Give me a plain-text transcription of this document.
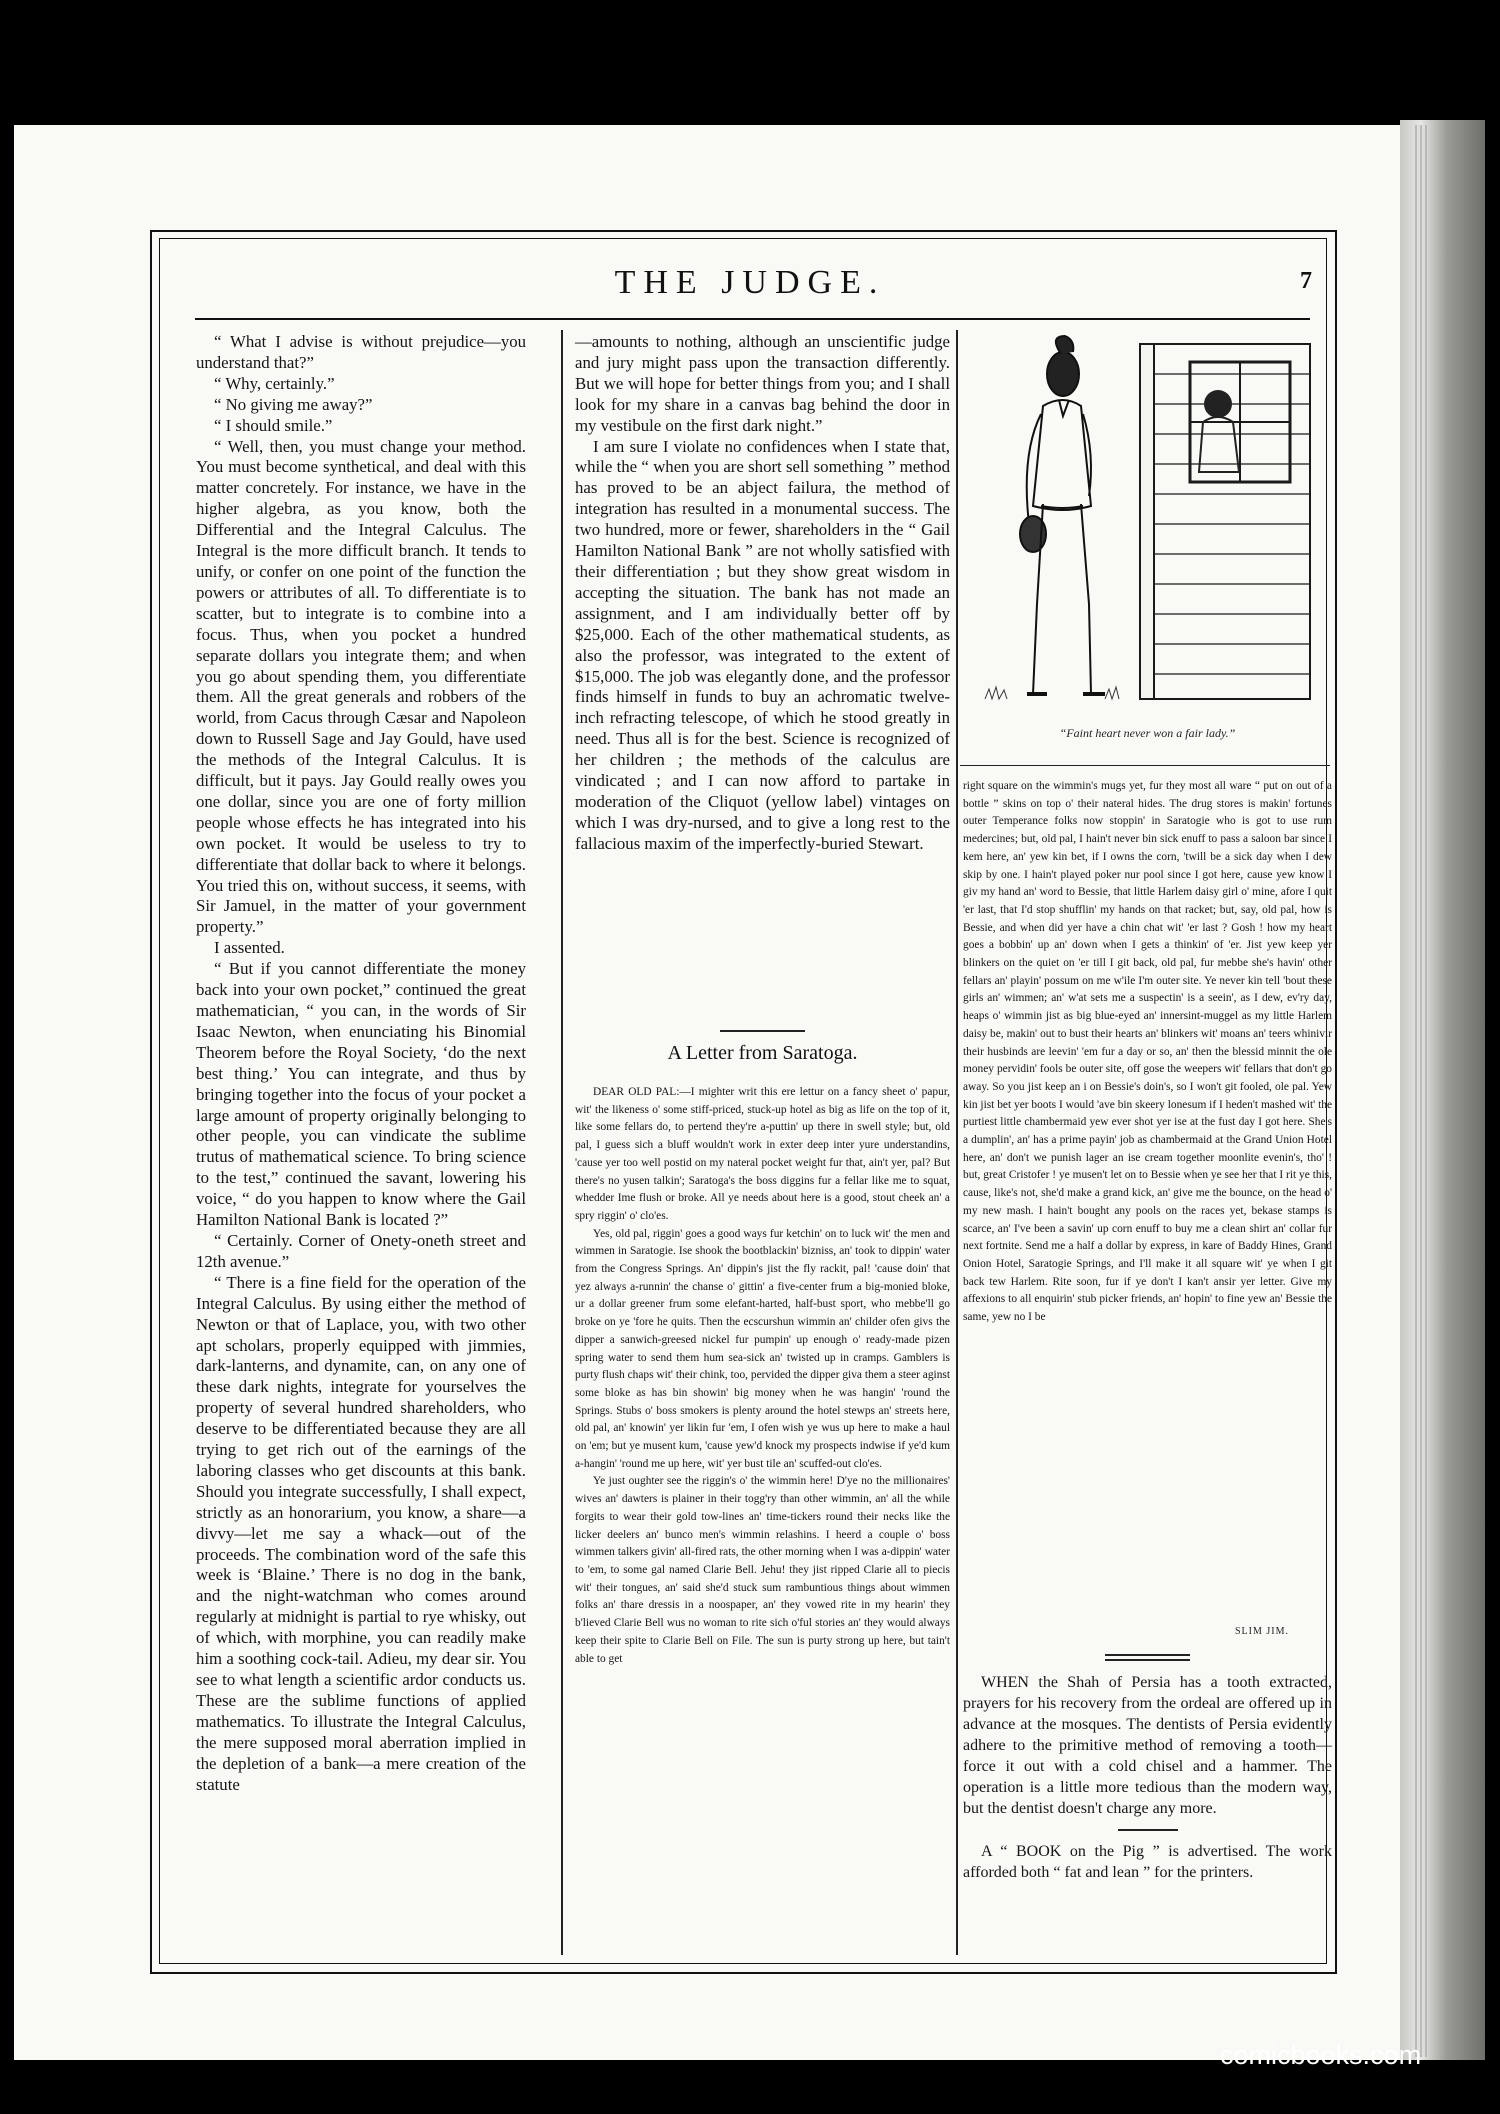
THE JUDGE.	7

“ What I advise is without prejudice—you understand that?”

“ Why, certainly.”

“ No giving me away?”

“ I should smile.”

“ Well, then, you must change your method. You must become synthetical, and deal with this matter concretely. For instance, we have in the higher algebra, as you know, both the Differential and the Integral Calculus. The Integral is the more difficult branch. It tends to unify, or confer on one point of the function the powers or attributes of all. To differentiate is to scatter, but to integrate is to combine into a focus. Thus, when you pocket a hundred separate dollars you integrate them; and when you go about spending them, you differentiate them. All the great generals and robbers of the world, from Cacus through Cæsar and Napoleon down to Russell Sage and Jay Gould, have used the methods of the Integral Calculus. It is difficult, but it pays. Jay Gould really owes you one dollar, since you are one of forty million people whose effects he has integrated into his own pocket. It would be useless to try to differentiate that dollar back to where it belongs. You tried this on, without success, it seems, with Sir Jamuel, in the matter of your government property.”

I assented.

“ But if you cannot differentiate the money back into your own pocket,” continued the great mathematician, “ you can, in the words of Sir Isaac Newton, when enunciating his Binomial Theorem before the Royal Society, ‘do the next best thing.’ You can integrate, and thus by bringing together into the focus of your pocket a large amount of property originally belonging to other people, you can vindicate the sublime trutus of mathematical science. To bring science to the test,” continued the savant, lowering his voice, “ do you happen to know where the Gail Hamilton National Bank is located ?”

“ Certainly. Corner of Onety-oneth street and 12th avenue.”

“ There is a fine field for the operation of the Integral Calculus. By using either the method of Newton or that of Laplace, you, with two other apt scholars, properly equipped with jimmies, dark-lanterns, and dynamite, can, on any one of these dark nights, integrate for yourselves the property of several hundred shareholders, who deserve to be differentiated because they are all trying to get rich out of the earnings of the laboring classes who get discounts at this bank. Should you integrate successfully, I shall expect, strictly as an honorarium, you know, a share—a divvy—let me say a whack—out of the proceeds. The combination word of the safe this week is ‘Blaine.’ There is no dog in the bank, and the night-watchman who comes around regularly at midnight is partial to rye whisky, out of which, with morphine, you can readily make him a soothing cock-tail. Adieu, my dear sir. You see to what length a scientific ardor conducts us. These are the sublime functions of applied mathematics. To illustrate the Integral Calculus, the mere supposed moral aberration implied in the depletion of a bank—a mere creation of the statute

—amounts to nothing, although an unscientific judge and jury might pass upon the transaction differently. But we will hope for better things from you; and I shall look for my share in a canvas bag behind the door in my vestibule on the first dark night.”

I am sure I violate no confidences when I state that, while the “ when you are short sell something ” method has proved to be an abject failura, the method of integration has resulted in a monumental success. The two hundred, more or fewer, shareholders in the “ Gail Hamilton National Bank ” are not wholly satisfied with their differentiation ; but they show great wisdom in accepting the situation. The bank has not made an assignment, and I am individually better off by $25,000. Each of the other mathematical students, as also the professor, was integrated to the extent of $15,000. The job was elegantly done, and the professor finds himself in funds to buy an achromatic twelve-inch refracting telescope, of which he stood greatly in need. Thus all is for the best. Science is recognized of her children ; the methods of the calculus are vindicated ; and I can now afford to partake in moderation of the Cliquot (yellow label) vintages on which I was dry-nursed, and to give a long rest to the fallacious maxim of the imperfectly-buried Stewart.

A Letter from Saratoga.

DEAR OLD PAL:—I mighter writ this ere lettur on a fancy sheet o' papur, wit' the likeness o' some stiff-priced, stuck-up hotel as big as life on the top of it, like some fellars do, to pertend they're a-puttin' up there in swell style; but, old pal, I guess sich a bluff wouldn't work in exter deep inter yure understandins, 'cause yer too well postid on my nateral pocket weight fur that, ain't yer, pal? But there's no yusen talkin'; Saratoga's the boss diggins fur a fellar like me to squat, whedder Ime flush or broke. All ye needs about here is a good, stout cheek an' a spry riggin' o' clo'es.

Yes, old pal, riggin' goes a good ways fur ketchin' on to luck wit' the men and wimmen in Saratogie. Ise shook the bootblackin' bizniss, an' took to dippin' water from the Congress Springs. An' dippin's jist the fly rackit, pal! 'cause doin' that yez always a-runnin' the chanse o' gittin' a five-center frum a big-monied bloke, ur a dollar greener frum some elefant-harted, half-bust sport, who mebbe'll go broke on ye 'fore he quits. Then the ecscurshun wimmin an' childer ofen givs the dipper a sanwich-greesed nickel fur pumpin' up enough o' ready-made pizen spring water to send them hum sea-sick an' twisted up in cramps. Gamblers is purty flush chaps wit' their chink, too, pervided the dipper giva them a steer aginst some bloke as has bin showin' big money when he was hangin' 'round the Springs. Stubs o' boss smokers is plenty around the hotel stewps an' streets here, old pal, an' knowin' yer likin fur 'em, I ofen wish ye wus up here to make a haul on 'em; but ye musent kum, 'cause yew'd knock my prospects indwise if ye'd kum a-hangin' 'round me up here, wit' yer bust tile an' scuffed-out clo'es.

Ye just oughter see the riggin's o' the wimmin here! D'ye no the millionaires' wives an' dawters is plainer in their togg'ry than other wimmin, an' all the while forgits to wear their gold tow-lines an' time-tickers round their necks like the licker deelers an' bunco men's wimmin relashins. I heerd a couple o' boss wimmen talkers givin' all-fired rats, the other morning when I was a-dippin' water to 'em, to some gal named Clarie Bell. Jehu! they jist ripped Clarie all to piecis wit' their tongues, an' said she'd stuck sum rambuntious things about wimmen folks an' thare dressis in a noospaper, an' they vowed rite in my hearin' they b'lieved Clarie Bell wus no woman to rite sich o'ful stories an' they would always keep their spite to Clarie Bell on File. The sun is purty strong up here, but tain't able to get

“Faint heart never won a fair lady.”

right square on the wimmin's mugs yet, fur they most all ware “ put on out of a bottle ” skins on top o' their nateral hides. The drug stores is makin' fortunes outer Temperance folks now stoppin' in Saratogie who is got to use rum medercines; but, old pal, I hain't never bin sick enuff to pass a saloon bar since I kem here, an' yew kin bet, if I owns the corn, 'twill be a sick day when I dew skip by one. I hain't played poker nur pool since I got here, cause yew know I giv my hand an' word to Bessie, that little Harlem daisy girl o' mine, afore I quit 'er last, that I'd stop shufflin' my hands on that racket; but, say, old pal, how is Bessie, and when did yer have a chin chat wit' 'er last ? Gosh ! how my heart goes a bobbin' up an' down when I gets a thinkin' of 'er. Jist yew keep yer blinkers on the quiet on 'er till I git back, old pal, fur mebbe she's havin' other fellars an' playin' possum on me w'ile I'm outer site. Ye never kin tell 'bout these girls an' wimmen; an' w'at sets me a suspectin' is a seein', as I dew, ev'ry day, heaps o' wimmin jist as big blue-eyed an' innersint-muggel as my little Harlem daisy be, makin' out to bust their hearts an' blinkers wit' moans an' teers whinivir their husbinds are leevin' 'em fur a day or so, an' then the blessid minnit the ole money pervidin' fools be outer site, off gose the weepers wit' fellars that don't go away. So you jist keep an i on Bessie's doin's, so I won't git fooled, ole pal. Yew kin jist bet yer boots I would 'ave bin skeery lonesum if I heden't mashed wit' the purtiest little chambermaid yew ever shot yer ise at the fust day I got here. She's a dumplin', an' has a prime payin' job as chambermaid at the Grand Union Hotel here, an' don't we punish lager an ise cream together moonlite evenin's, tho' ! but, great Cristofer ! ye musen't let on to Bessie when ye see her that I rit ye this, cause, like's not, she'd make a grand kick, an' give me the bounce, on the head o' my new mash. I hain't bought any pools on the races yet, bekase stamps is scarce, an' I've been a savin' up corn enuff to buy me a clean shirt an' collar fur next fortnite. Send me a half a dollar by express, in kare of Baddy Hines, Grand Onion Hotel, Saratogie Springs, and I'll make it all square wit' ye when I git back tew Harlem. Rite soon, fur if ye don't I kan't ansir yer letter. Give my affexions to all enquirin' stub picker friends, an' hopin' to fine yew an' Bessie the same, yew no I be

SLIM JIM.

WHEN the Shah of Persia has a tooth extracted, prayers for his recovery from the ordeal are offered up in advance at the mosques. The dentists of Persia evidently adhere to the primitive method of removing a tooth—force it out with a cold chisel and a hammer. The operation is a little more tedious than the modern way, but the dentist doesn't charge any more.

A “ BOOK on the Pig ” is advertised. The work afforded both “ fat and lean ” for the printers.

comicbooks.com
